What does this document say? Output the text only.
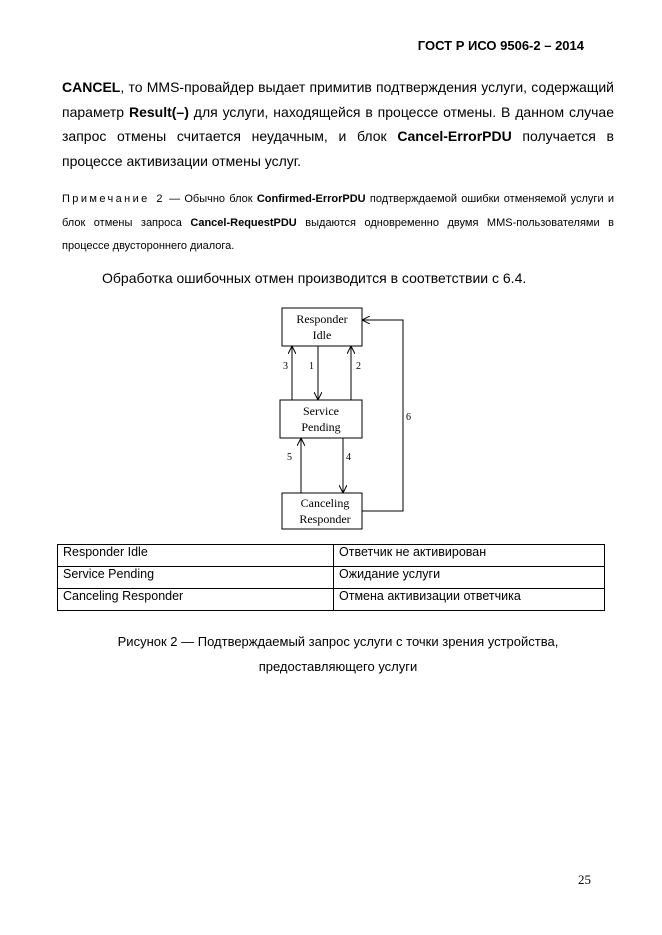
ГОСТ Р ИСО 9506-2 – 2014
CANCEL, то MMS-провайдер выдает примитив подтверждения услуги, содержащий параметр Result(–) для услуги, находящейся в процессе отмены. В данном случае запрос отмены считается неудачным, и блок Cancel-ErrorPDU получается в процессе активизации отмены услуг.
Примечание 2 — Обычно блок Confirmed-ErrorPDU подтверждаемой ошибки отменяемой услуги и блок отмены запроса Cancel-RequestPDU выдаются одновременно двумя MMS-пользователями в процессе двустороннего диалога.
Обработка ошибочных отмен производится в соответствии с 6.4.
Responder
Idle
Service
Pending
Canceling
Responder
1	2
3
4
5
6
Responder Idle	Ответчик не активирован
Service Pending	Ожидание услуги
Canceling Responder	Отмена активизации ответчика
Рисунок 2 — Подтверждаемый запрос услуги с точки зрения устройства,
предоставляющего услуги
25
